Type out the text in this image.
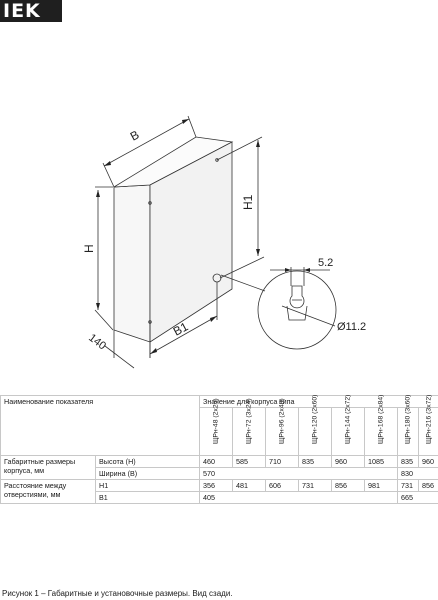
IEK
B
H
H1
B1
140
5.2
Ø11.2
Наименование показателя		Значение для корпуса типа							

		ЩРн-48 (2х24)	ЩРн-72 (3х24)	ЩРн-96 (2х48)	ЩРн-120 (2х60)	ЩРн-144 (2х72)	ЩРн-168 (2х84)	ЩРн-180 (3х60)	ЩРн-216 (3х72)

Габаритные размеры корпуса, мм	Высота (Н)	460	585	710	835	960	1085	835	960
	Ширина (В)	570						830	
Расстояние между отверстиями, мм	Н1	356	481	606	731	856	981	731	856
	В1	405						665	
Рисунок 1 – Габаритные и установочные размеры. Вид сзади.
